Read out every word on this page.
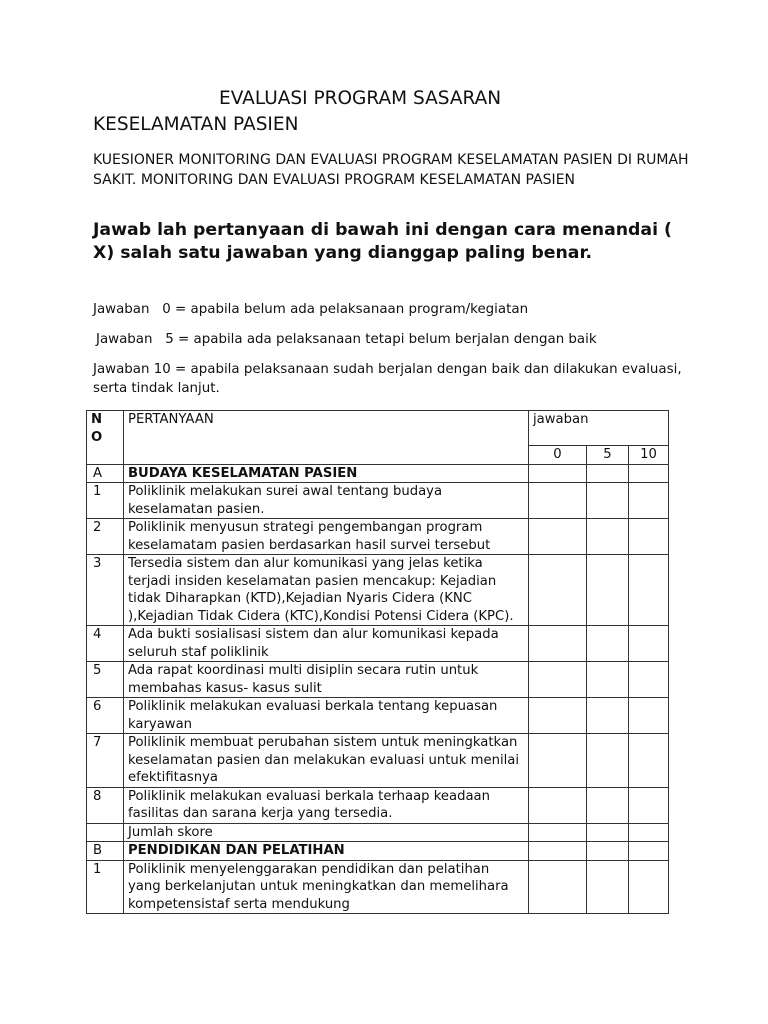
EVALUASI PROGRAM SASARAN
KESELAMATAN PASIEN
KUESIONER MONITORING DAN EVALUASI PROGRAM KESELAMATAN PASIEN DI RUMAH SAKIT. MONITORING DAN EVALUASI PROGRAM KESELAMATAN PASIEN
Jawab lah pertanyaan di bawah ini dengan cara menandai ( X) salah satu jawaban yang dianggap paling benar.
Jawaban   0 = apabila belum ada pelaksanaan program/kegiatan
Jawaban   5 = apabila ada pelaksanaan tetapi belum berjalan dengan baik
Jawaban 10 = apabila pelaksanaan sudah berjalan dengan baik dan dilakukan evaluasi, serta tindak lanjut.
N
O	PERTANYAAN	jawaban		
		0	5	10
A	BUDAYA KESELAMATAN PASIEN			
1	Poliklinik melakukan surei awal tentang budaya keselamatan pasien.			
2	Poliklinik menyusun strategi pengembangan program keselamatam pasien berdasarkan hasil survei tersebut			
3	Tersedia sistem dan alur komunikasi yang jelas ketika terjadi insiden keselamatan pasien mencakup: Kejadian tidak Diharapkan (KTD),Kejadian Nyaris Cidera (KNC ),Kejadian Tidak Cidera (KTC),Kondisi Potensi Cidera (KPC).			
4	Ada bukti sosialisasi sistem dan alur komunikasi kepada seluruh staf poliklinik			
5	Ada rapat koordinasi multi disiplin secara rutin untuk membahas kasus- kasus sulit			
6	Poliklinik melakukan evaluasi berkala tentang kepuasan karyawan			
7	Poliklinik membuat perubahan sistem untuk meningkatkan keselamatan pasien dan melakukan evaluasi untuk menilai efektifitasnya			
8	Poliklinik melakukan evaluasi berkala terhaap keadaan fasilitas dan sarana kerja yang tersedia.			
	Jumlah skore			
B	PENDIDIKAN DAN PELATIHAN			
1	Poliklinik menyelenggarakan pendidikan dan pelatihan yang berkelanjutan untuk meningkatkan dan memelihara kompetensistaf serta mendukung			
